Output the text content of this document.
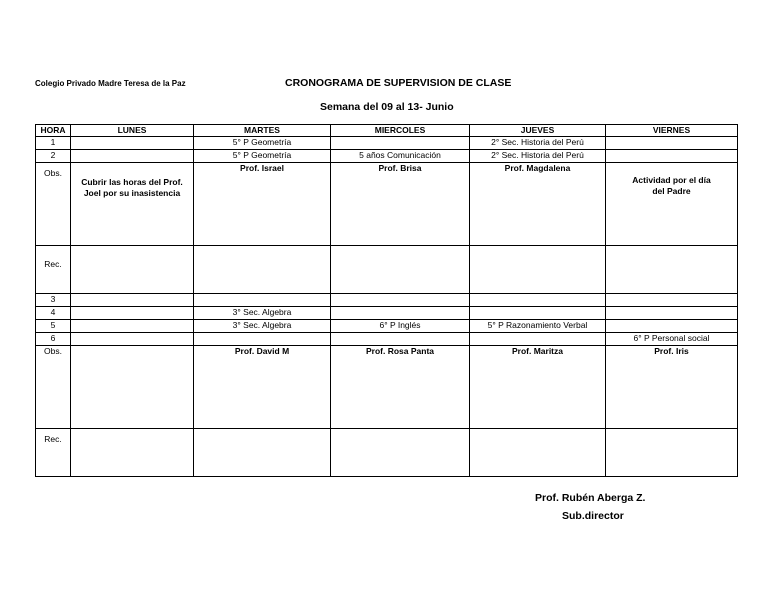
Colegio Privado Madre Teresa de la Paz	CRONOGRAMA DE SUPERVISION DE CLASE
Semana del 09 al 13- Junio
HORA	LUNES	MARTES	MIERCOLES	JUEVES	VIERNES
1		5° P Geometría		2° Sec. Historia del Perú	
2		5° P Geometría	5 años Comunicación	2° Sec. Historia del Perú	

Obs.	Cubrir las horas del Prof. Joel por su inasistencia	Prof. Israel	Prof. Brisa	Prof. Magdalena	Actividad por el día del Padre

Rec.					

3					
4		3° Sec. Algebra			
5		3° Sec. Algebra	6° P Inglés	5° P Razonamiento Verbal	
6					6° P Personal social
Obs.		Prof. David M	Prof. Rosa Panta	Prof. Maritza	Prof. Iris

Rec.					

Prof. Rubén Aberga Z.
Sub.director
